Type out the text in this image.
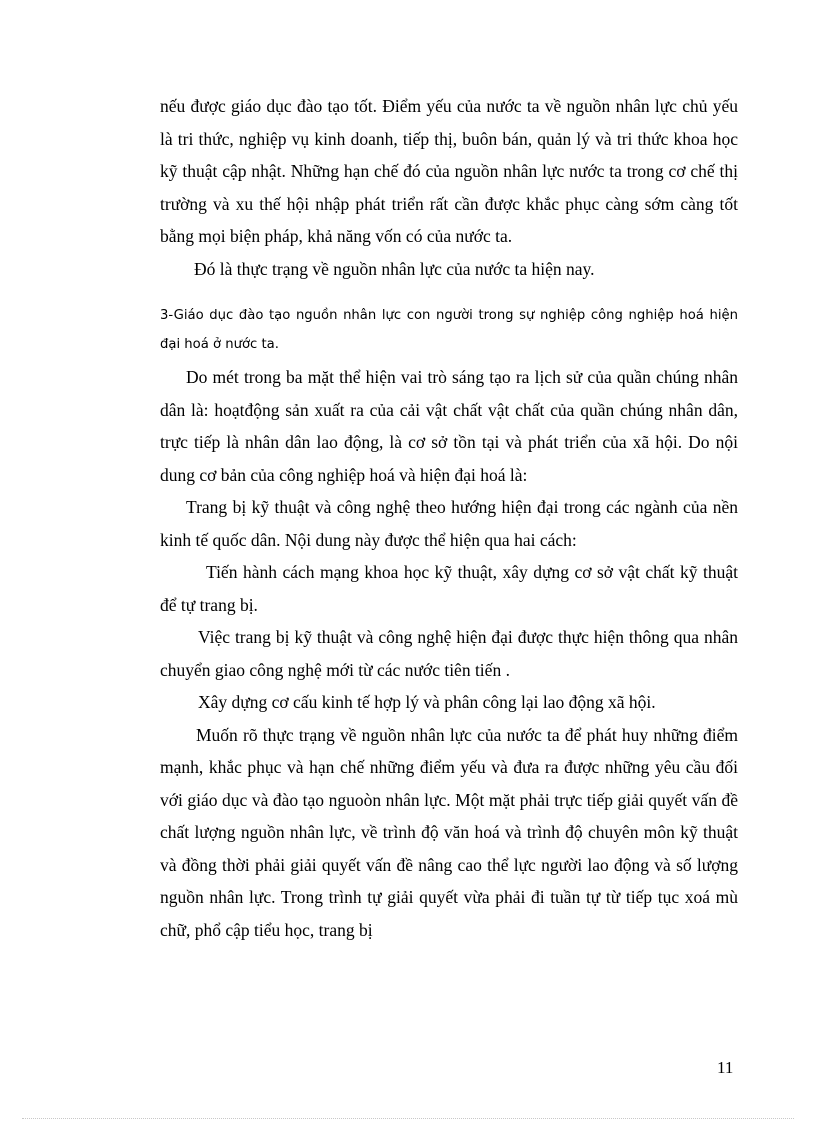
nếu được giáo dục đào tạo tốt. Điểm yếu của nước ta về nguồn nhân lực chủ yếu là tri thức, nghiệp vụ kinh doanh, tiếp thị, buôn bán, quản lý và tri thức khoa học kỹ thuật cập nhật. Những hạn chế đó của nguồn nhân lực nước ta trong cơ chế thị trường và xu thế hội nhập phát triển rất cần được khắc phục càng sớm càng tốt bằng mọi biện pháp, khả năng vốn có của nước ta.

Đó là thực trạng về nguồn nhân lực của nước ta hiện nay.

3-Giáo dục đào tạo nguồn nhân lực con người trong sự nghiệp công nghiệp hoá hiện đại hoá ở nước ta.

Do mét trong ba mặt thể hiện vai trò sáng tạo ra lịch sử của quần chúng nhân dân là: hoạtđộng sản xuất ra của cải vật chất vật chất của quần chúng nhân dân, trực tiếp là nhân dân lao động, là cơ sở tồn tại và phát triển của xã hội. Do nội dung cơ bản của công nghiệp hoá và hiện đại hoá là:

Trang bị kỹ thuật và công nghệ theo hướng hiện đại trong các ngành của nền kinh tế quốc dân. Nội dung này được thể hiện qua hai cách:

Tiến hành cách mạng khoa học kỹ thuật, xây dựng cơ sở vật chất kỹ thuật để tự trang bị.

Việc trang bị kỹ thuật và công nghệ hiện đại được thực hiện thông qua nhân chuyển giao công nghệ mới từ các nước tiên tiến .

Xây dựng cơ cấu kinh tế hợp lý và phân công lại lao động xã hội.

Muốn rõ thực trạng về nguồn nhân lực của nước ta để phát huy những điểm mạnh, khắc phục và hạn chế những điểm yếu và đưa ra được những yêu cầu đối với giáo dục và đào tạo nguoòn nhân lực. Một mặt phải trực tiếp giải quyết vấn đề chất lượng nguồn nhân lực, về trình độ văn hoá và trình độ chuyên môn kỹ thuật và đồng thời phải giải quyết vấn đề nâng cao thể lực người lao động và số lượng nguồn nhân lực. Trong trình tự giải quyết vừa phải đi tuần tự từ tiếp tục xoá mù chữ, phổ cập tiểu học, trang bị

11
